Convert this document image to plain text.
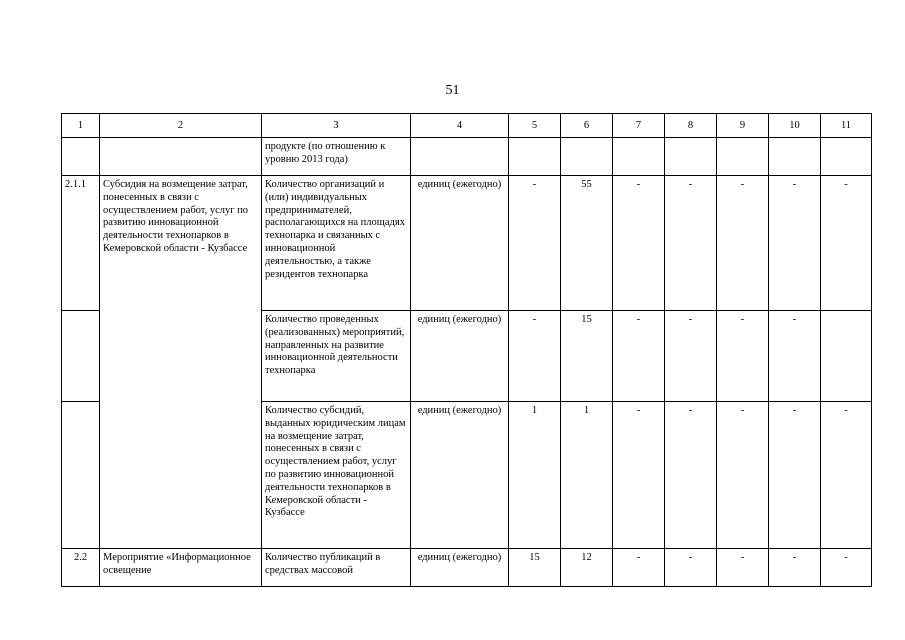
51
1	2	3	4	5	6	7	8	9	10	11
		продукте (по отношению к уровню 2013 года)								
2.1.1	Субсидия на возмещение затрат, понесенных в связи с осуществлением работ, услуг по развитию инновационной деятельности технопарков в Кемеровской области - Кузбассе	Количество организаций и (или) индивидуальных предпринимателей, располагающихся на площадях технопарка и связанных с инновационной деятельностью, а также резидентов технопарка	единиц (ежегодно)	-	55	-	-	-	-	-
		Количество проведенных (реализованных) мероприятий, направленных на развитие инновационной деятельности технопарка	единиц (ежегодно)	-	15	-	-	-	-	
		Количество субсидий, выданных юридическим лицам на возмещение затрат, понесенных в связи с осуществлением работ, услуг по развитию инновационной деятельности технопарков в Кемеровской области - Кузбассе	единиц (ежегодно)	1	1	-	-	-	-	-
2.2	Мероприятие «Информационное освещение	Количество публикаций в средствах массовой	единиц (ежегодно)	15	12	-	-	-	-	-
